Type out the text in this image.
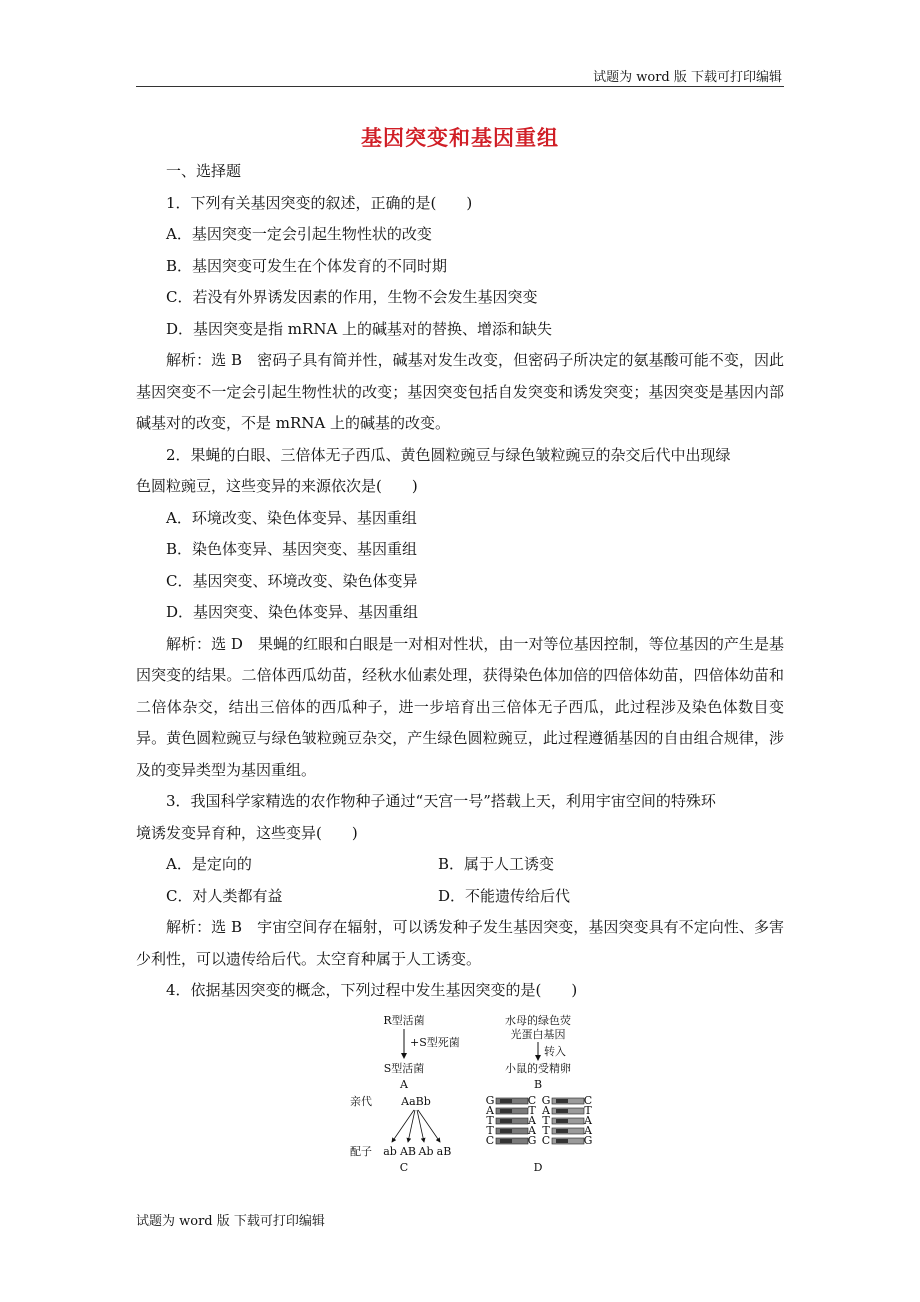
试题为 word 版 下载可打印编辑
基因突变和基因重组
一、选择题
1．下列有关基因突变的叙述，正确的是(　　)
A．基因突变一定会引起生物性状的改变
B．基因突变可发生在个体发育的不同时期
C．若没有外界诱发因素的作用，生物不会发生基因突变
D．基因突变是指 mRNA 上的碱基对的替换、增添和缺失
解析：选 B　密码子具有简并性，碱基对发生改变，但密码子所决定的氨基酸可能不变，因此基因突变不一定会引起生物性状的改变；基因突变包括自发突变和诱发突变；基因突变是基因内部碱基对的改变，不是 mRNA 上的碱基的改变。
2．果蝇的白眼、三倍体无子西瓜、黄色圆粒豌豆与绿色皱粒豌豆的杂交后代中出现绿
色圆粒豌豆，这些变异的来源依次是(　　)
A．环境改变、染色体变异、基因重组
B．染色体变异、基因突变、基因重组
C．基因突变、环境改变、染色体变异
D．基因突变、染色体变异、基因重组
解析：选 D　果蝇的红眼和白眼是一对相对性状，由一对等位基因控制，等位基因的产生是基因突变的结果。二倍体西瓜幼苗，经秋水仙素处理，获得染色体加倍的四倍体幼苗，四倍体幼苗和二倍体杂交，结出三倍体的西瓜种子，进一步培育出三倍体无子西瓜，此过程涉及染色体数目变异。黄色圆粒豌豆与绿色皱粒豌豆杂交，产生绿色圆粒豌豆，此过程遵循基因的自由组合规律，涉及的变异类型为基因重组。
3．我国科学家精选的农作物种子通过“天宫一号”搭载上天，利用宇宙空间的特殊环
境诱发变异育种，这些变异(　　)
A．是定向的	B．属于人工诱变
C．对人类都有益	D．不能遗传给后代
解析：选 B　宇宙空间存在辐射，可以诱发种子发生基因突变，基因突变具有不定向性、多害少利性，可以遗传给后代。太空育种属于人工诱变。
4．依据基因突变的概念，下列过程中发生基因突变的是(　　)
R型活菌
+S型死菌
S型活菌
A
水母的绿色荧
光蛋白基因
转入
小鼠的受精卵
B
亲代	AaBb
配子 ab AB Ab aB
C
G	C G	C
A	T A	T
T	A T	A
T	A T	A
C	G C	G
D
试题为 word 版 下载可打印编辑
